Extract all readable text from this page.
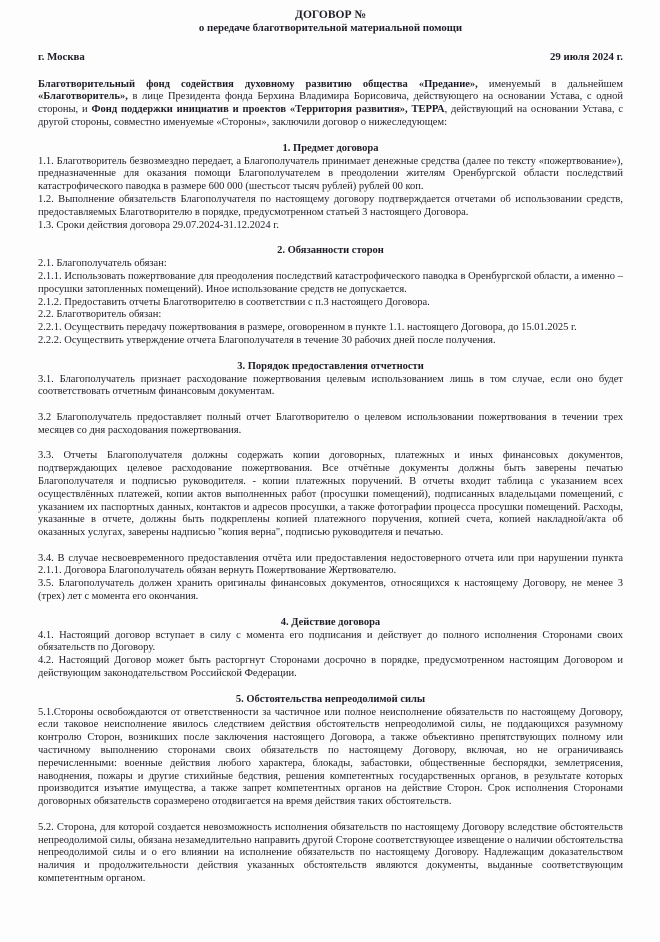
ДОГОВОР №
о передаче благотворительной материальной помощи
г. Москва	29 июля 2024 г.

Благотворительный фонд содействия духовному развитию общества «Предание», именуемый в дальнейшем «Благотворитель», в лице Президента фонда Берхина Владимира Борисовича, действующего на основании Устава, с одной стороны, и Фонд поддержки инициатив и проектов «Территория развития», ТЕРРА, действующий на основании Устава, с другой стороны, совместно именуемые «Стороны», заключили договор о нижеследующем:

1. Предмет договора
1.1. Благотворитель безвозмездно передает, а Благополучатель принимает денежные средства (далее по тексту «пожертвование»), предназначенные для оказания помощи Благополучателем в преодолении жителям Оренбургской области последствий катастрофического паводка в размере 600 000 (шестьсот тысяч рублей) рублей 00 коп.
1.2. Выполнение обязательств Благополучателя по настоящему договору подтверждается отчетами об использовании средств, предоставляемых Благотворителю в порядке, предусмотренном статьей 3 настоящего Договора.
1.3. Сроки действия договора 29.07.2024-31.12.2024 г.
2. Обязанности сторон
2.1. Благополучатель обязан:
2.1.1. Использовать пожертвование для преодоления последствий катастрофического паводка в Оренбургской области, а именно – просушки затопленных помещений). Иное использование средств не допускается.
2.1.2. Предоставить отчеты Благотворителю в соответствии с п.3 настоящего Договора.
2.2. Благотворитель обязан:
2.2.1. Осуществить передачу пожертвования в размере, оговоренном в пункте 1.1. настоящего Договора, до 15.01.2025 г.
2.2.2. Осуществить утверждение отчета Благополучателя в течение 30 рабочих дней после получения.
3. Порядок предоставления отчетности
3.1. Благополучатель признает расходование пожертвования целевым использованием лишь в том случае, если оно будет соответствовать отчетным финансовым документам.
3.2 Благополучатель предоставляет полный отчет Благотворителю о целевом использовании пожертвования в течении трех месяцев со дня расходования пожертвования.
3.3. Отчеты Благополучателя должны содержать копии договорных, платежных и иных финансовых документов, подтверждающих целевое расходование пожертвования. Все отчётные документы должны быть заверены печатью Благополучателя и подписью руководителя. - копии платежных поручений. В отчеты входит таблица с указанием всех осуществлённых платежей, копии актов выполненных работ (просушки помещений), подписанных владельцами помещений, с указанием их паспортных данных, контактов и адресов просушки, а также фотографии процесса просушки помещений. Расходы, указанные в отчете, должны быть подкреплены копией платежного поручения, копией счета, копией накладной/акта об оказанных услугах, заверены надписью "копия верна", подписью руководителя и печатью.
3.4. В случае несвоевременного предоставления отчёта или предоставления недостоверного отчета или при нарушении пункта 2.1.1. Договора Благополучатель обязан вернуть Пожертвование Жертвователю.
3.5. Благополучатель должен хранить оригиналы финансовых документов, относящихся к настоящему Договору, не менее 3 (трех) лет с момента его окончания.
4. Действие договора
4.1. Настоящий договор вступает в силу с момента его подписания и действует до полного исполнения Сторонами своих обязательств по Договору.
4.2. Настоящий Договор может быть расторгнут Сторонами досрочно в порядке, предусмотренном настоящим Договором и действующим законодательством Российской Федерации.
5. Обстоятельства непреодолимой силы
5.1.Стороны освобождаются от ответственности за частичное или полное неисполнение обязательств по настоящему Договору, если таковое неисполнение явилось следствием действия обстоятельств непреодолимой силы, не поддающихся разумному контролю Сторон, возникших после заключения настоящего Договора, а также объективно препятствующих полному или частичному выполнению сторонами своих обязательств по настоящему Договору, включая, но не ограничиваясь перечисленными: военные действия любого характера, блокады, забастовки, общественные беспорядки, землетрясения, наводнения, пожары и другие стихийные бедствия, решения компетентных государственных органов, в результате которых производится изъятие имущества, а также запрет компетентных органов на действие Сторон. Срок исполнения Сторонами договорных обязательств соразмерено отодвигается на время действия таких обстоятельств.
5.2. Сторона, для которой создается невозможность исполнения обязательств по настоящему Договору вследствие обстоятельств непреодолимой силы, обязана незамедлительно направить другой Стороне соответствующее извещение о наличии обстоятельства непреодолимой силы и о его влиянии на исполнение обязательств по настоящему Договору. Надлежащим доказательством наличия и продолжительности действия указанных обстоятельств являются документы, выданные соответствующим компетентным органом.
